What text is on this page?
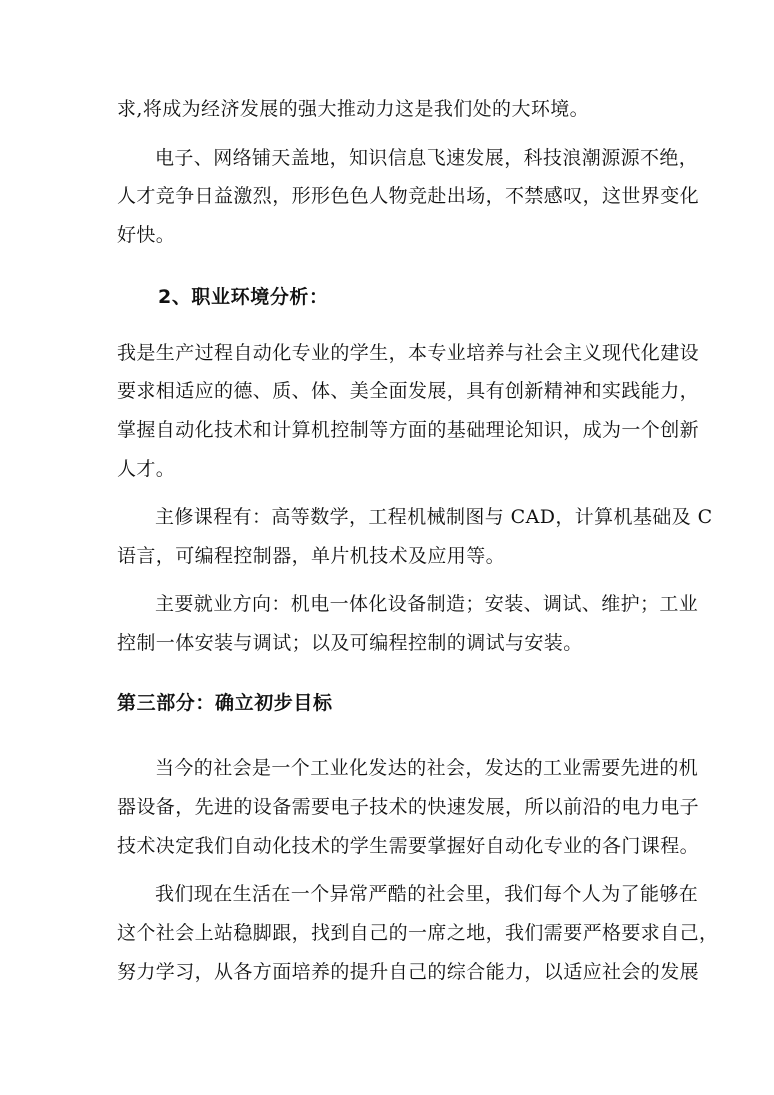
求,将成为经济发展的强大推动力这是我们处的大环境。
电子、网络铺天盖地，知识信息飞速发展，科技浪潮源源不绝，
人才竞争日益激烈，形形色色人物竞赴出场，不禁感叹，这世界变化
好快。
2、职业环境分析：
我是生产过程自动化专业的学生，本专业培养与社会主义现代化建设
要求相适应的德、质、体、美全面发展，具有创新精神和实践能力，
掌握自动化技术和计算机控制等方面的基础理论知识，成为一个创新
人才。
主修课程有：高等数学，工程机械制图与 CAD，计算机基础及 C
语言，可编程控制器，单片机技术及应用等。
主要就业方向：机电一体化设备制造；安装、调试、维护；工业
控制一体安装与调试；以及可编程控制的调试与安装。
第三部分：确立初步目标
当今的社会是一个工业化发达的社会，发达的工业需要先进的机
器设备，先进的设备需要电子技术的快速发展，所以前沿的电力电子
技术决定我们自动化技术的学生需要掌握好自动化专业的各门课程。
我们现在生活在一个异常严酷的社会里，我们每个人为了能够在
这个社会上站稳脚跟，找到自己的一席之地，我们需要严格要求自己，
努力学习，从各方面培养的提升自己的综合能力，以适应社会的发展
